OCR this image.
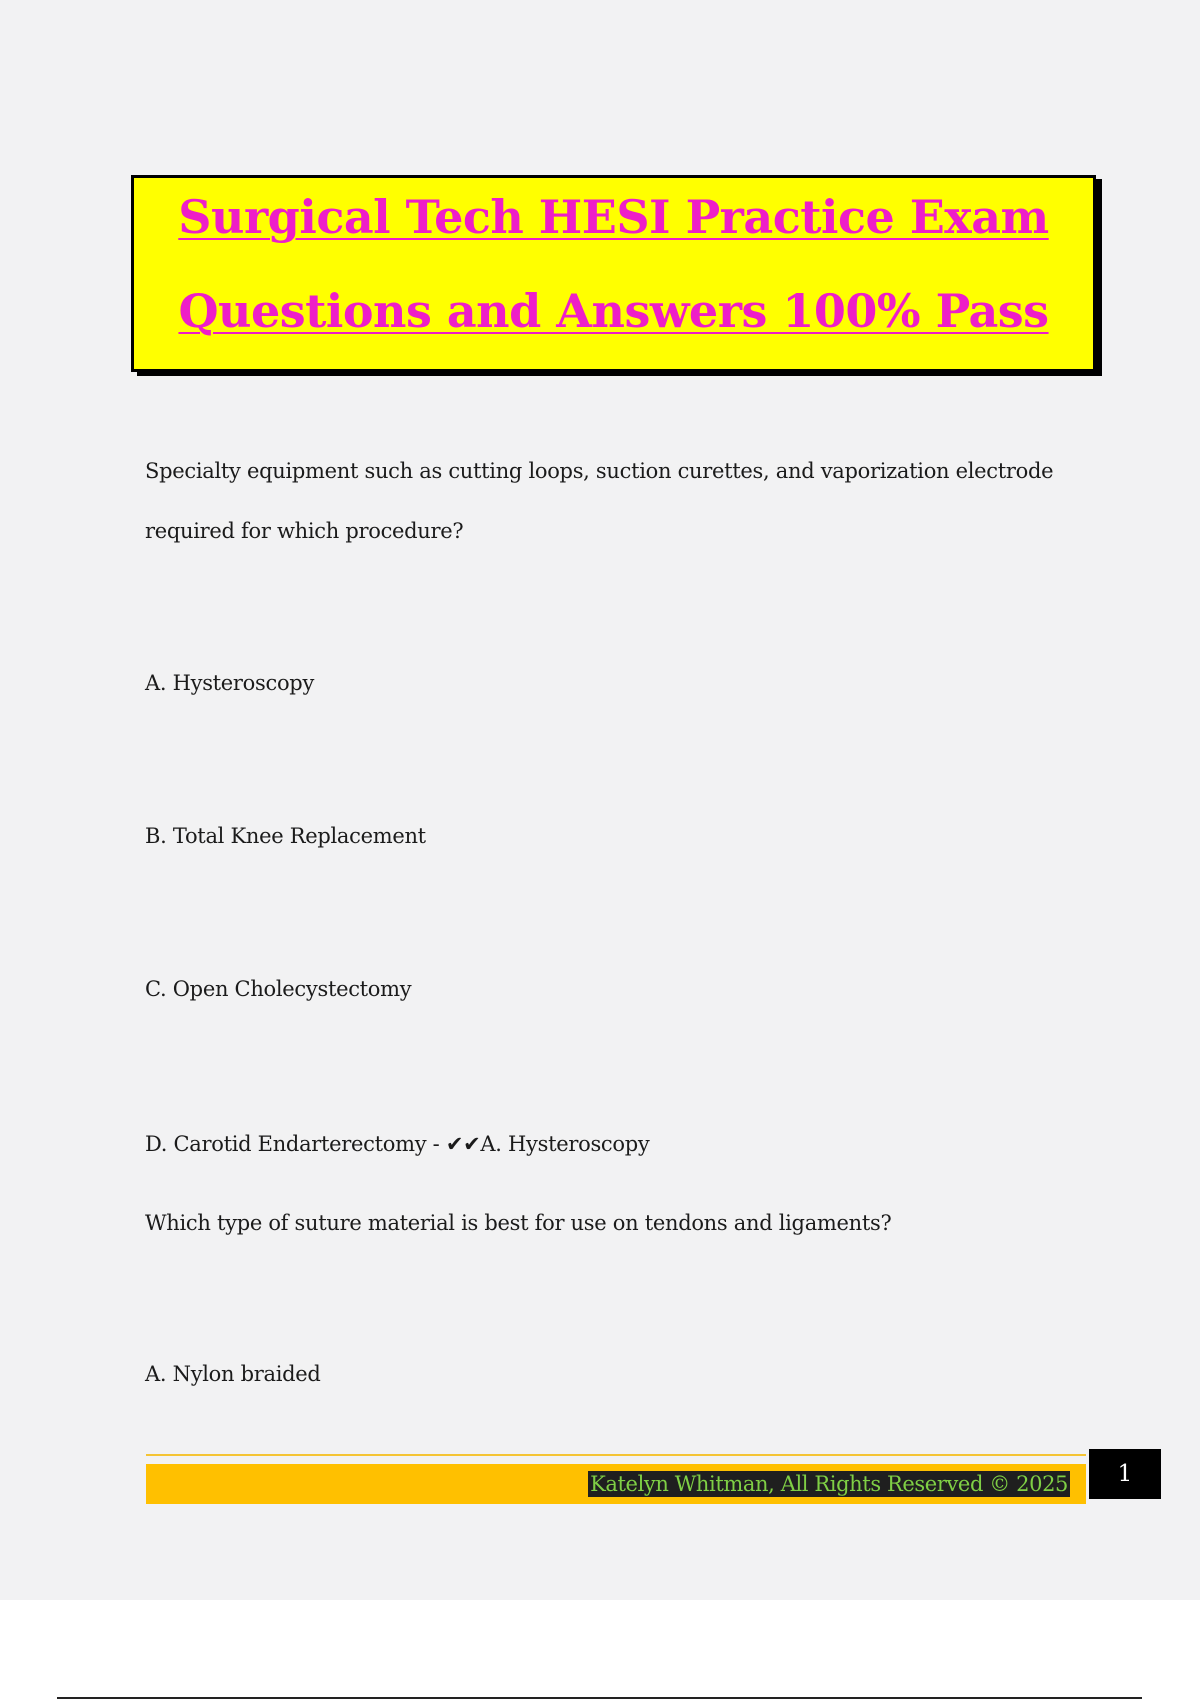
Surgical Tech HESI Practice Exam
Questions and Answers 100% Pass
Specialty equipment such as cutting loops, suction curettes, and vaporization electrode
required for which procedure?
A. Hysteroscopy
B. Total Knee Replacement
C. Open Cholecystectomy
D. Carotid Endarterectomy - ✔✔A. Hysteroscopy
Which type of suture material is best for use on tendons and ligaments?
A. Nylon braided
Katelyn Whitman, All Rights Reserved © 2025	1
